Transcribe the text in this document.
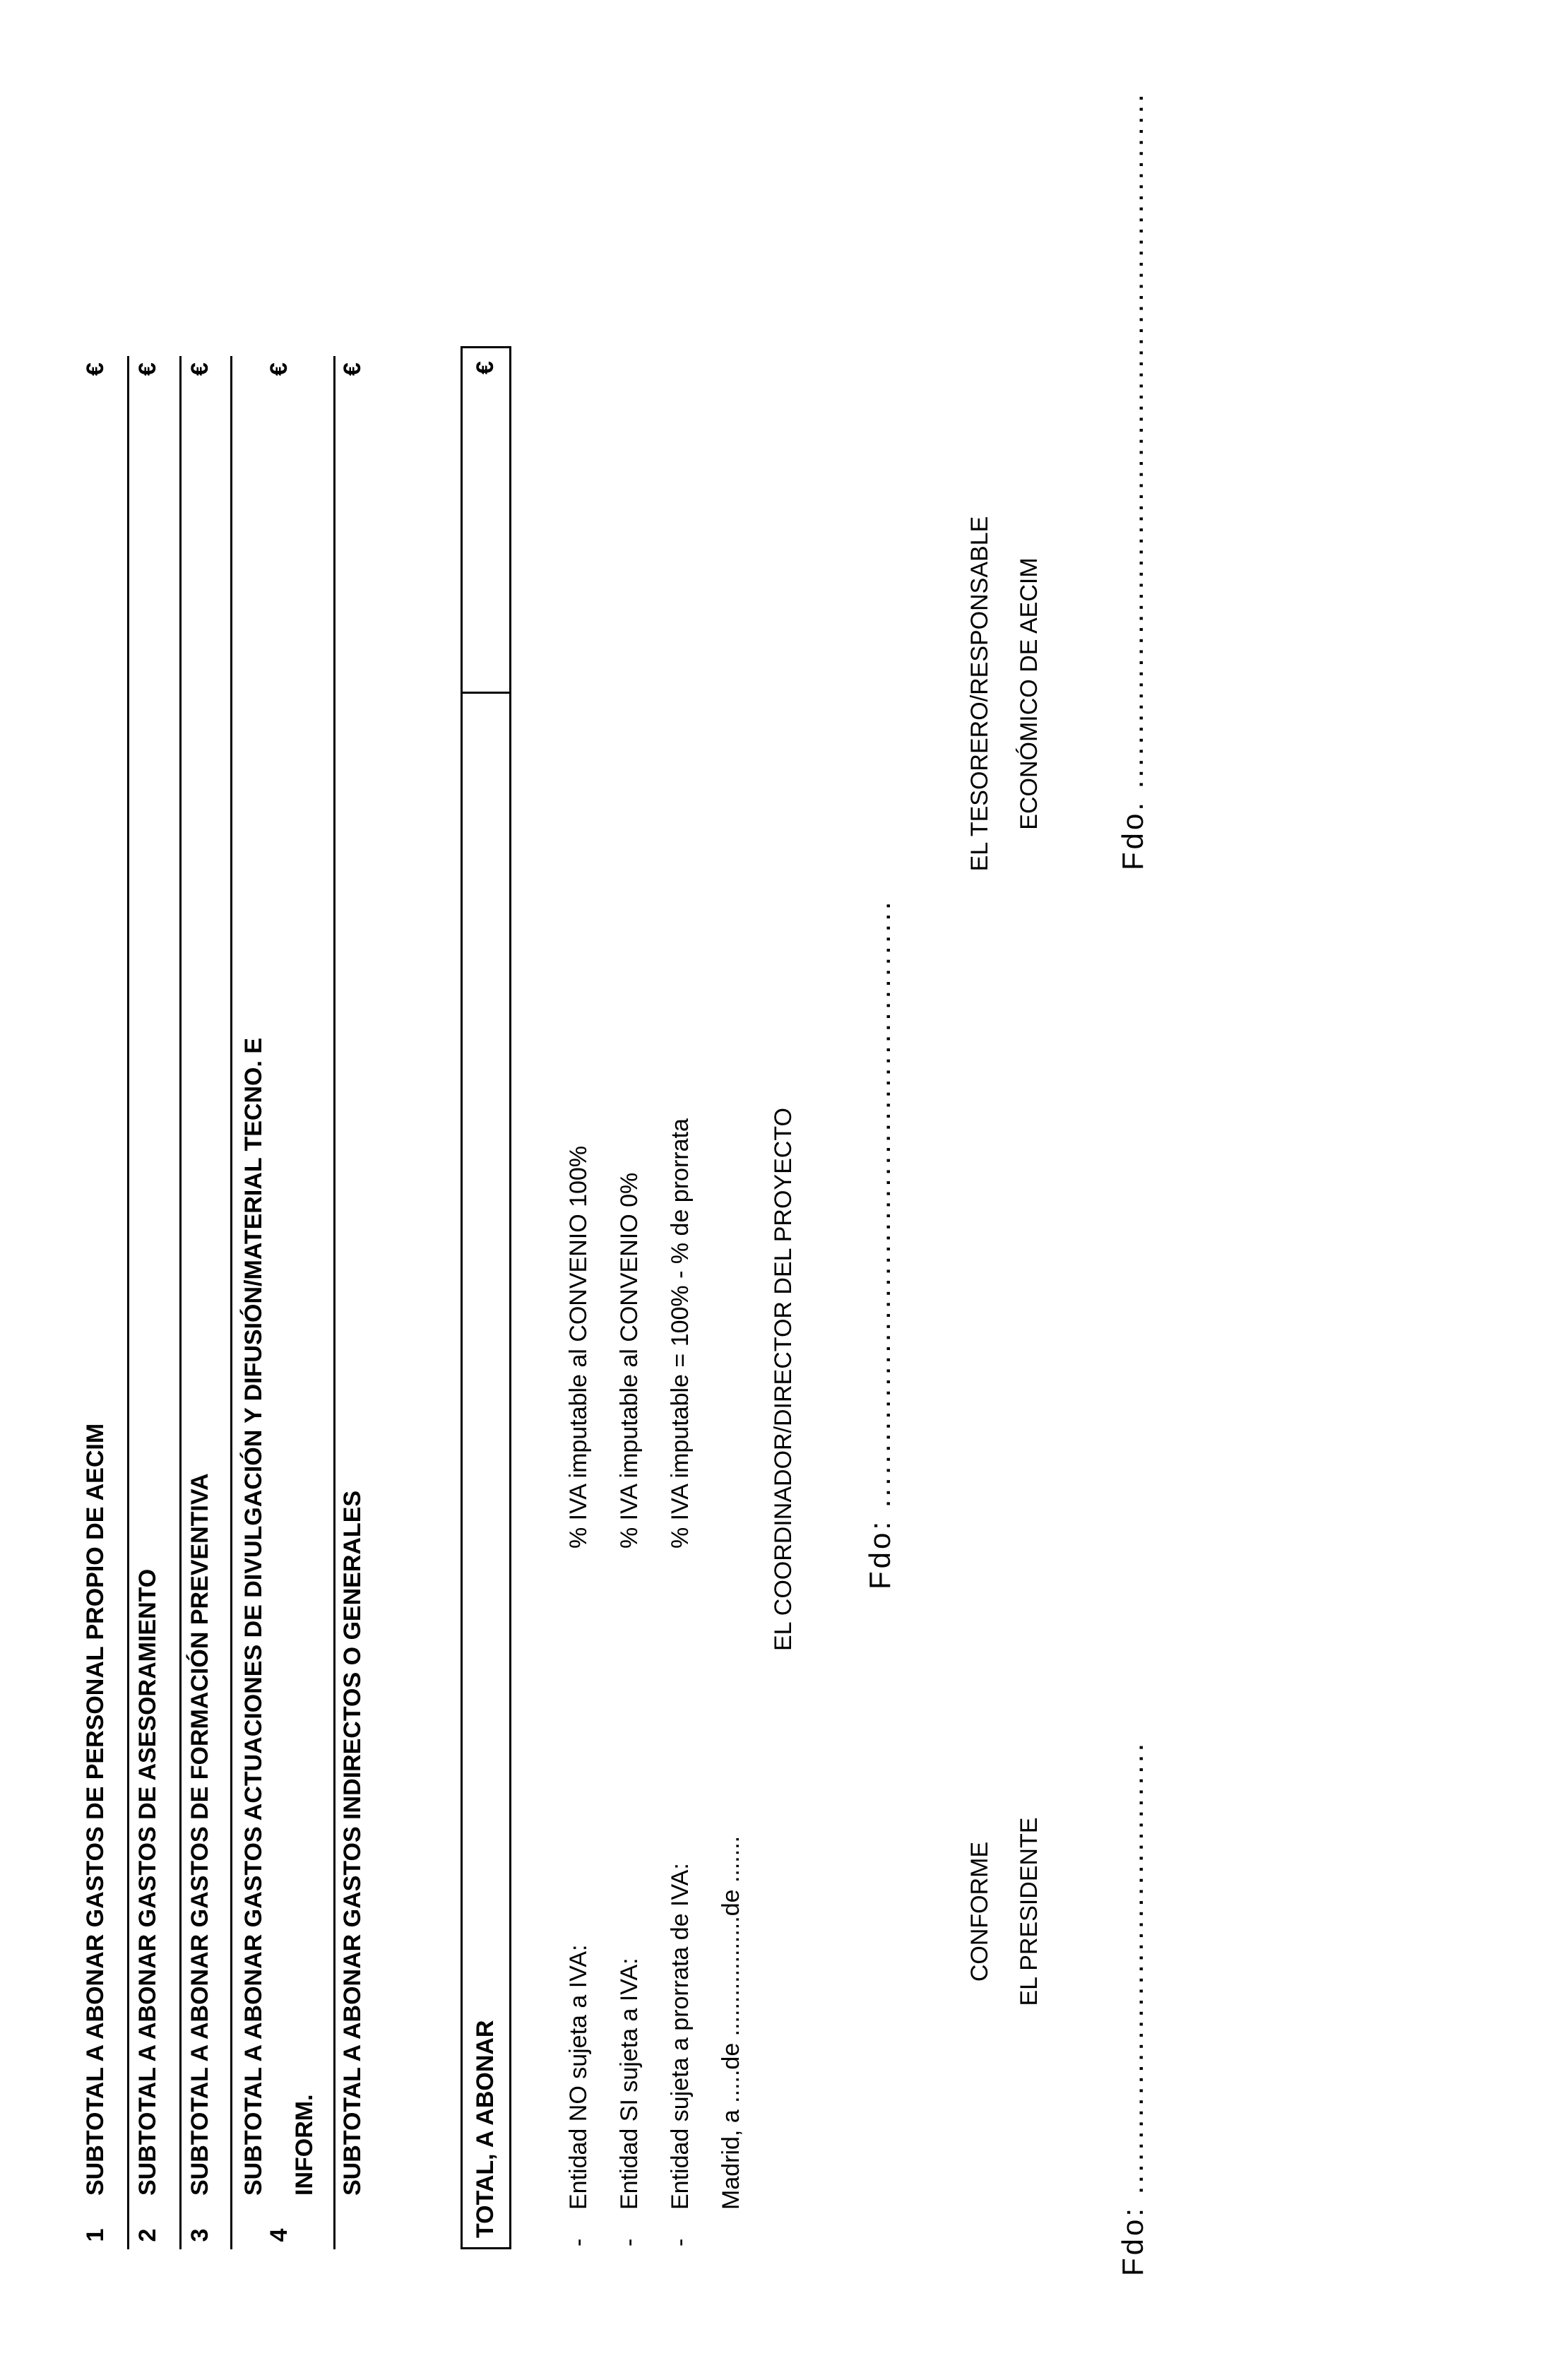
1
SUBTOTAL A ABONAR GASTOS DE PERSONAL PROPIO DE AECIM
€
2
SUBTOTAL A ABONAR GASTOS DE ASESORAMIENTO
€
3
SUBTOTAL A ABONAR GASTOS DE FORMACIÓN PREVENTIVA
€
4
SUBTOTAL A ABONAR GASTOS ACTUACIONES DE DIVULGACIÓN Y DIFUSIÓN/MATERIAL TECNO. E INFORM.
€
SUBTOTAL A ABONAR GASTOS INDIRECTOS O GENERALES
€
TOTAL, A ABONAR
€
-
Entidad NO sujeta a IVA:
% IVA imputable al CONVENIO 100%
-
Entidad SI sujeta a IVA:
% IVA imputable al CONVENIO 0%
-
Entidad sujeta a prorrata de IVA:
% IVA imputable = 100% - % de prorrata
Madrid, a .....de ..................de .......
EL COORDINADOR/DIRECTOR DEL PROYECTO Fdo: .......................................................
CONFORME EL PRESIDENTE Fdo: .........................................
EL TESORERO/RESPONSABLE ECONÓMICO DE AECIM Fdo. ...............................................................
